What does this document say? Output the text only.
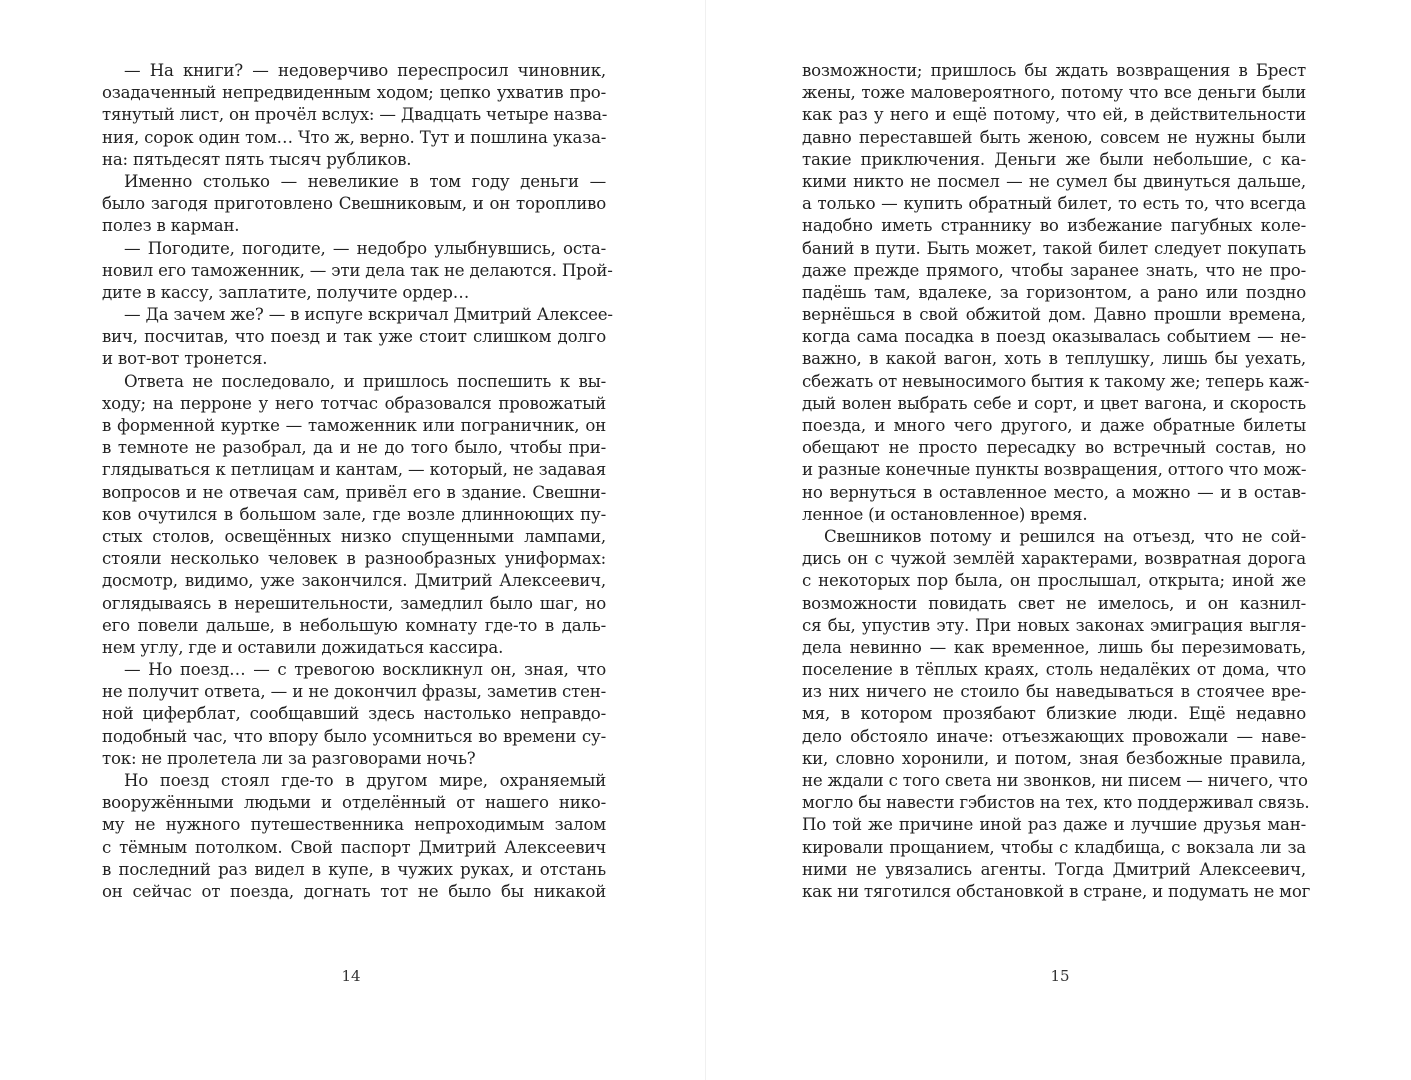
— На книги? — недоверчиво переспросил чиновник,
озадаченный непредвиденным ходом; цепко ухватив про-
тянутый лист, он прочёл вслух: — Двадцать четыре назва-
ния, сорок один том… Что ж, верно. Тут и пошлина указа-
на: пятьдесят пять тысяч рубликов.
Именно столько — невеликие в том году деньги —
было загодя приготовлено Свешниковым, и он торопливо
полез в карман.
— Погодите, погодите, — недобро улыбнувшись, оста-
новил его таможенник, — эти дела так не делаются. Прой-
дите в кассу, заплатите, получите ордер…
— Да зачем же? — в испуге вскричал Дмитрий Алексее-
вич, посчитав, что поезд и так уже стоит слишком долго
и вот-вот тронется.
Ответа не последовало, и пришлось поспешить к вы-
ходу; на перроне у него тотчас образовался провожатый
в форменной куртке — таможенник или пограничник, он
в темноте не разобрал, да и не до того было, чтобы при-
глядываться к петлицам и кантам, — который, не задавая
вопросов и не отвечая сам, привёл его в здание. Свешни-
ков очутился в большом зале, где возле длинноющих пу-
стых столов, освещённых низко спущенными лампами,
стояли несколько человек в разнообразных униформах:
досмотр, видимо, уже закончился. Дмитрий Алексеевич,
оглядываясь в нерешительности, замедлил было шаг, но
его повели дальше, в небольшую комнату где-то в даль-
нем углу, где и оставили дожидаться кассира.
— Но поезд… — с тревогою воскликнул он, зная, что
не получит ответа, — и не докончил фразы, заметив стен-
ной циферблат, сообщавший здесь настолько неправдо-
подобный час, что впору было усомниться во времени су-
ток: не пролетела ли за разговорами ночь?
Но поезд стоял где-то в другом мире, охраняемый
вооружёнными людьми и отделённый от нашего нико-
му не нужного путешественника непроходимым залом
с тёмным потолком. Свой паспорт Дмитрий Алексеевич
в последний раз видел в купе, в чужих руках, и отстань
он сейчас от поезда, догнать тот не было бы никакой
14
возможности; пришлось бы ждать возвращения в Брест
жены, тоже маловероятного, потому что все деньги были
как раз у него и ещё потому, что ей, в действительности
давно переставшей быть женою, совсем не нужны были
такие приключения. Деньги же были небольшие, с ка-
кими никто не посмел — не сумел бы двинуться дальше,
а только — купить обратный билет, то есть то, что всегда
надобно иметь страннику во избежание пагубных коле-
баний в пути. Быть может, такой билет следует покупать
даже прежде прямого, чтобы заранее знать, что не про-
падёшь там, вдалеке, за горизонтом, а рано или поздно
вернёшься в свой обжитой дом. Давно прошли времена,
когда сама посадка в поезд оказывалась событием — не-
важно, в какой вагон, хоть в теплушку, лишь бы уехать,
сбежать от невыносимого бытия к такому же; теперь каж-
дый волен выбрать себе и сорт, и цвет вагона, и скорость
поезда, и много чего другого, и даже обратные билеты
обещают не просто пересадку во встречный состав, но
и разные конечные пункты возвращения, оттого что мож-
но вернуться в оставленное место, а можно — и в остав-
ленное (и остановленное) время.
Свешников потому и решился на отъезд, что не сой-
дись он с чужой землёй характерами, возвратная дорога
с некоторых пор была, он прослышал, открыта; иной же
возможности повидать свет не имелось, и он казнил-
ся бы, упустив эту. При новых законах эмиграция выгля-
дела невинно — как временное, лишь бы перезимовать,
поселение в тёплых краях, столь недалёких от дома, что
из них ничего не стоило бы наведываться в стоячее вре-
мя, в котором прозябают близкие люди. Ещё недавно
дело обстояло иначе: отъезжающих провожали — наве-
ки, словно хоронили, и потом, зная безбожные правила,
не ждали с того света ни звонков, ни писем — ничего, что
могло бы навести гэбистов на тех, кто поддерживал связь.
По той же причине иной раз даже и лучшие друзья ман-
кировали прощанием, чтобы с кладбища, с вокзала ли за
ними не увязались агенты. Тогда Дмитрий Алексеевич,
как ни тяготился обстановкой в стране, и подумать не мог
15
